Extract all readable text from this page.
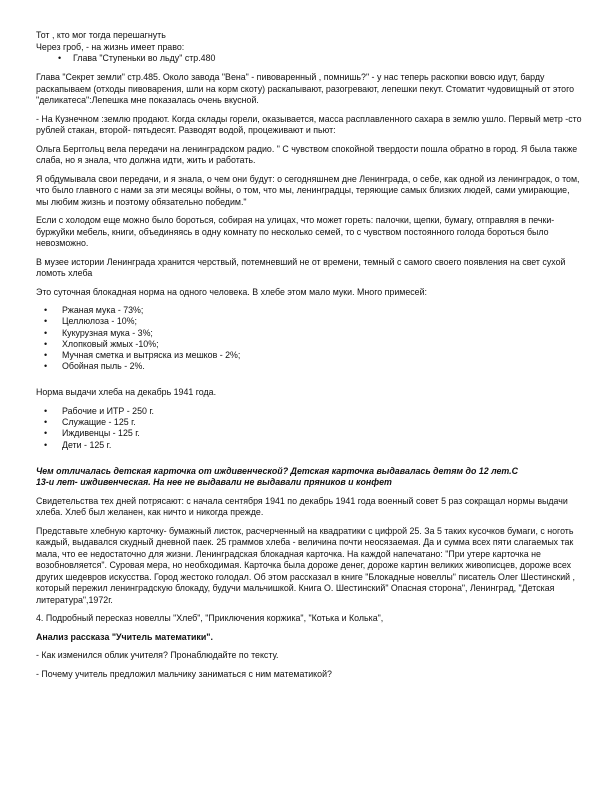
Тот , кто мог тогда перешагнуть
Через гроб, - на жизнь имеет право:
• Глава "Ступеньки во льду" стр.480

Глава "Секрет земли" стр.485. Около завода "Вена" - пивоваренный , помнишь?" - у нас теперь раскопки вовсю идут, барду раскапываем (отходы пивоварения, шли на корм скоту) раскапывают, разогревают, лепешки пекут. Стоматит чудовищный от этого "деликатеса":Лепешка мне показалась очень вкусной.

- На Кузнечном :землю продают. Когда склады горели, оказывается, масса расплавленного сахара в землю ушло. Первый метр -сто рублей стакан, второй- пятьдесят. Разводят водой, процеживают и пьют:

Ольга Берггольц вела передачи на ленинградском радио. " С чувством спокойной твердости пошла обратно в город. Я была также слаба, но я знала, что должна идти, жить и работать.

Я обдумывала свои передачи, и я знала, о чем они будут: о сегодняшнем дне Ленинграда, о себе, как одной из ленинградок, о том, что было главного с нами за эти месяцы войны, о том, что мы, ленинградцы, теряющие самых близких людей, сами умирающие, мы любим жизнь и поэтому обязательно победим."

Если с холодом еще можно было бороться, собирая на улицах, что может гореть: палочки, щепки, бумагу, отправляя в печки-буржуйки мебель, книги, объединяясь в одну комнату по несколько семей, то с чувством постоянного голода бороться было невозможно.

В музее истории Ленинграда хранится черствый, потемневший не от времени, темный с самого своего появления на свет сухой ломоть хлеба

Это суточная блокадная норма на одного человека. В хлебе этом мало муки. Много примесей:

• Ржаная мука - 73%;
• Целлюлоза - 10%;
• Кукурузная мука - 3%;
• Хлопковый жмых -10%;
• Мучная сметка и вытряска из мешков - 2%;
• Обойная пыль - 2%.

Норма выдачи хлеба на декабрь 1941 года.

• Рабочие и ИТР - 250 г.
• Служащие - 125 г.
• Иждивенцы - 125 г.
• Дети - 125 г.

Чем отличалась детская карточка от иждивенческой? Детская карточка выдавалась детям до 12 лет.С
13-и лет- иждивенческая. На нее не выдавали не выдавали пряников и конфет

Свидетельства тех дней потрясают: с начала сентября 1941 по декабрь 1941 года военный совет 5 раз сокращал нормы выдачи хлеба. Хлеб был желанен, как ничто и никогда прежде.

Представьте хлебную карточку- бумажный листок, расчерченный на квадратики с цифрой 25. За 5 таких кусочков бумаги, с ноготь каждый, выдавался скудный дневной паек. 25 граммов хлеба - величина почти неосязаемая. Да и сумма всех пяти слагаемых так мала, что ее недостаточно для жизни. Ленинградская блокадная карточка. На каждой напечатано: "При утере карточка не возобновляется". Суровая мера, но необходимая. Карточка была дороже денег, дороже картин великих живописцев, дороже всех других шедевров искусства. Город жестоко голодал. Об этом рассказал в книге "Блокадные новеллы" писатель Олег Шестинский , который пережил ленинградскую блокаду, будучи мальчишкой. Книга О. Шестинский" Опасная сторона", Ленинград, "Детская литература",1972г.

4. Подробный пересказ новеллы "Хлеб", "Приключения коржика", "Котька и Колька",

Анализ рассказа "Учитель математики".

- Как изменился облик учителя? Пронаблюдайте по тексту.

- Почему учитель предложил мальчику заниматься с ним математикой?
